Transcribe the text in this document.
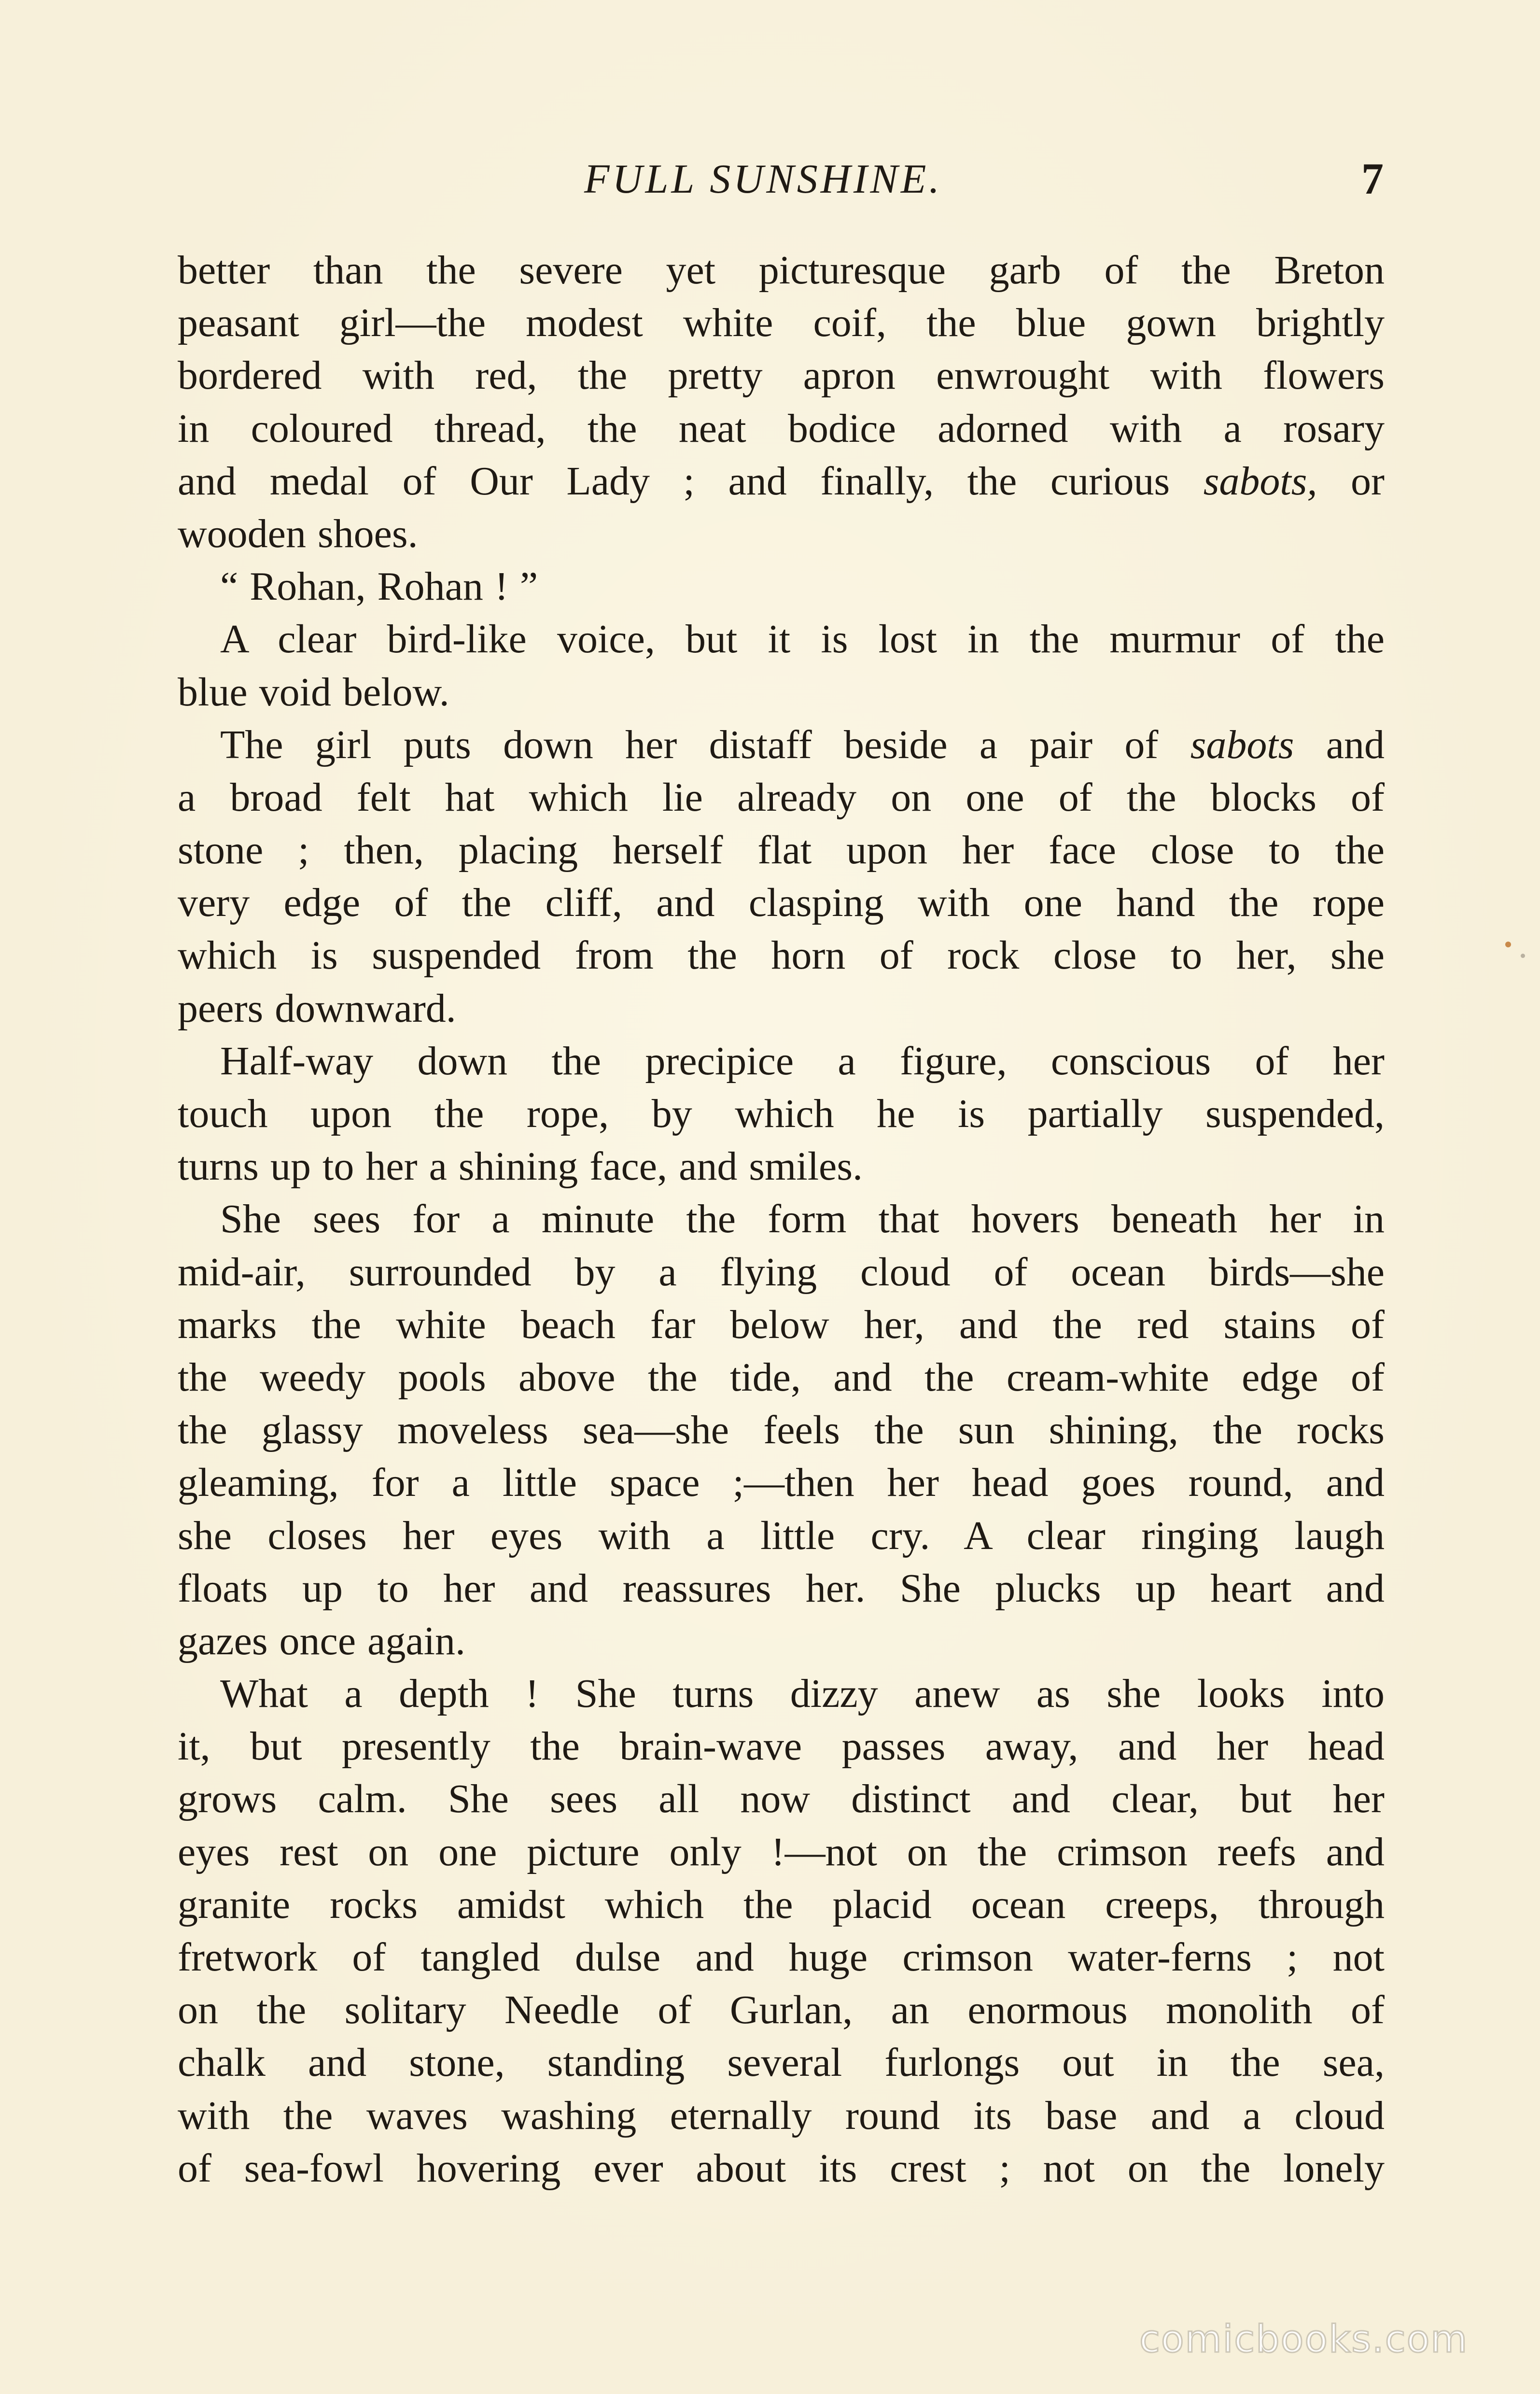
FULL SUNSHINE.	7
better than the severe yet picturesque garb of the Breton
peasant girl—the modest white coif, the blue gown brightly
bordered with red, the pretty apron enwrought with flowers
in coloured thread, the neat bodice adorned with a rosary
and medal of Our Lady ; and finally, the curious sabots, or
wooden shoes.
“ Rohan, Rohan ! ”
A clear bird-like voice, but it is lost in the murmur of the
blue void below.
The girl puts down her distaff beside a pair of sabots and
a broad felt hat which lie already on one of the blocks of
stone ; then, placing herself flat upon her face close to the
very edge of the cliff, and clasping with one hand the rope
which is suspended from the horn of rock close to her, she
peers downward.
Half-way down the precipice a figure, conscious of her
touch upon the rope, by which he is partially suspended,
turns up to her a shining face, and smiles.
She sees for a minute the form that hovers beneath her in
mid-air, surrounded by a flying cloud of ocean birds—she
marks the white beach far below her, and the red stains of
the weedy pools above the tide, and the cream-white edge of
the glassy moveless sea—she feels the sun shining, the rocks
gleaming, for a little space ;—then her head goes round, and
she closes her eyes with a little cry. A clear ringing laugh
floats up to her and reassures her. She plucks up heart and
gazes once again.
What a depth ! She turns dizzy anew as she looks into
it, but presently the brain-wave passes away, and her head
grows calm. She sees all now distinct and clear, but her
eyes rest on one picture only !—not on the crimson reefs and
granite rocks amidst which the placid ocean creeps, through
fretwork of tangled dulse and huge crimson water-ferns ; not
on the solitary Needle of Gurlan, an enormous monolith of
chalk and stone, standing several furlongs out in the sea,
with the waves washing eternally round its base and a cloud
of sea-fowl hovering ever about its crest ; not on the lonely
comicbooks.com
